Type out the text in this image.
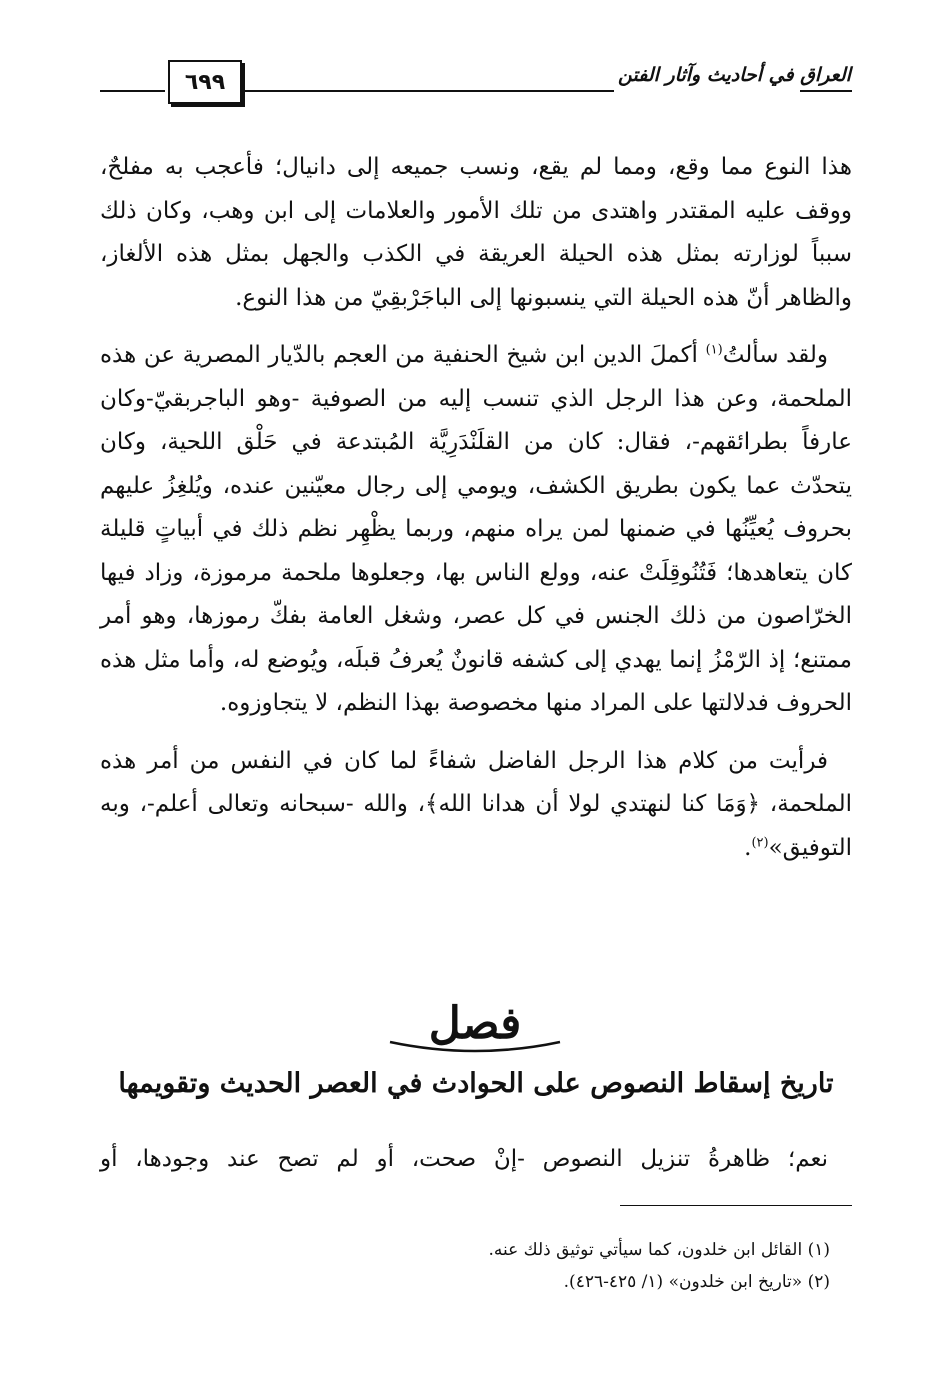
٦٩٩	العراق في أحاديث وآثار الفتن

هذا النوع مما وقع، ومما لم يقع، ونسب جميعه إلى دانيال؛ فأعجب به مفلحٌ، ووقف عليه المقتدر واهتدى من تلك الأمور والعلامات إلى ابن وهب، وكان ذلك سبباً لوزارته بمثل هذه الحيلة العريقة في الكذب والجهل بمثل هذه الألغاز، والظاهر أنّ هذه الحيلة التي ينسبونها إلى الباجَرْبقِيّ من هذا النوع.

ولقد سألتُ$^{(١)}$ أكملَ الدين ابن شيخ الحنفية من العجم بالدّيار المصرية عن هذه الملحمة، وعن هذا الرجل الذي تنسب إليه من الصوفية -وهو الباجربقيّ-وكان عارفاً بطرائقهم-، فقال: كان من القلَنْدَرِيَّة المُبتدعة في حَلْق اللحية، وكان يتحدّث عما يكون بطريق الكشف، ويومي إلى رجال معيّنين عنده، ويُلغِزُ عليهم بحروف يُعيِّنُها في ضمنها لمن يراه منهم، وربما يظْهِر نظم ذلك في أبياتٍ قليلة كان يتعاهدها؛ فَتُنُوقِلَتْ عنه، وولع الناس بها، وجعلوها ملحمة مرموزة، وزاد فيها الخرّاصون من ذلك الجنس في كل عصر، وشغل العامة بفكّ رموزها، وهو أمر ممتنع؛ إذ الرّمْزُ إنما يهدي إلى كشفه قانونٌ يُعرفُ قبلَه، ويُوضع له، وأما مثل هذه الحروف فدلالتها على المراد منها مخصوصة بهذا النظم، لا يتجاوزوه.

فرأيت من كلام هذا الرجل الفاضل شفاءً لما كان في النفس من أمر هذه الملحمة، ﴿وَمَا كنا لنهتدي لولا أن هدانا الله﴾، والله -سبحانه وتعالى أعلم-، وبه التوفيق»$^{(٢)}$.

فصل
تاريخ إسقاط النصوص على الحوادث في العصر الحديث وتقويمها
نعم؛ ظاهرةُ تنزيل النصوص -إنْ صحت، أو لم تصح عند وجودها، أو

(١) القائل ابن خلدون، كما سيأتي توثيق ذلك عنه.

(٢) «تاريخ ابن خلدون» (١/ ٤٢٥-٤٢٦).
